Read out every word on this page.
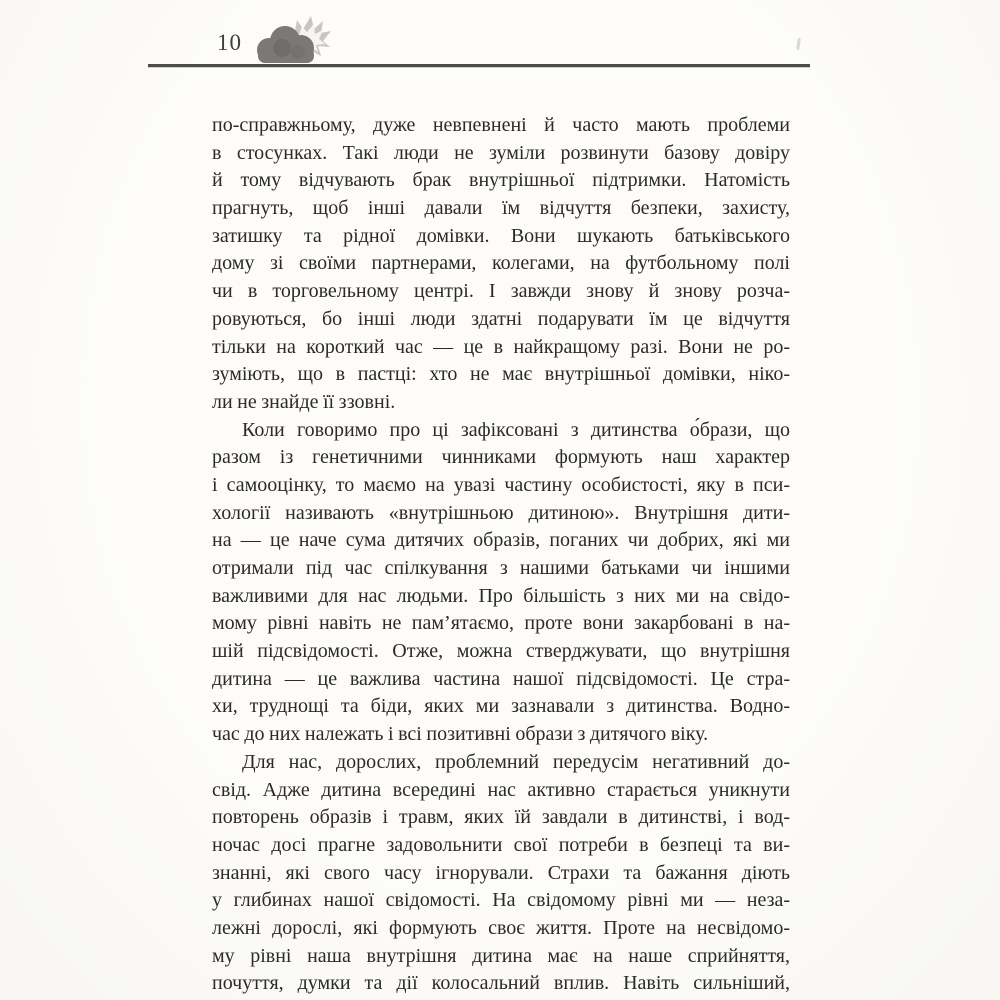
10
по-справжньому, дуже невпевнені й часто мають проблеми
в стосунках. Такі люди не зуміли розвинути базову довіру
й тому відчувають брак внутрішньої підтримки. Натомість
прагнуть, щоб інші давали їм відчуття безпеки, захисту,
затишку та рідної домівки. Вони шукають батьківського
дому зі своїми партнерами, колегами, на футбольному полі
чи в торговельному центрі. І завжди знову й знову розча-
ровуються, бо інші люди здатні подарувати їм це відчуття
тільки на короткий час — це в найкращому разі. Вони не ро-
зуміють, що в пастці: хто не має внутрішньої домівки, ніко-
ли не знайде її ззовні.
Коли говоримо про ці зафіксовані з дитинства о́брази, що
разом із генетичними чинниками формують наш характер
і самооцінку, то маємо на увазі частину особистості, яку в пси-
хології називають «внутрішньою дитиною». Внутрішня дити-
на — це наче сума дитячих образів, поганих чи добрих, які ми
отримали під час спілкування з нашими батьками чи іншими
важливими для нас людьми. Про більшість з них ми на свідо-
мому рівні навіть не пам’ятаємо, проте вони закарбовані в на-
шій підсвідомості. Отже, можна стверджувати, що внутрішня
дитина — це важлива частина нашої підсвідомості. Це стра-
хи, труднощі та біди, яких ми зазнавали з дитинства. Водно-
час до них належать і всі позитивні образи з дитячого віку.
Для нас, дорослих, проблемний передусім негативний до-
свід. Адже дитина всередині нас активно старається уникнути
повторень образів і травм, яких їй завдали в дитинстві, і вод-
ночас досі прагне задовольнити свої потреби в безпеці та ви-
знанні, які свого часу ігнорували. Страхи та бажання діють
у глибинах нашої свідомості. На свідомому рівні ми — неза-
лежні дорослі, які формують своє життя. Проте на несвідомо-
му рівні наша внутрішня дитина має на наше сприйняття,
почуття, думки та дії колосальний вплив. Навіть сильніший,
